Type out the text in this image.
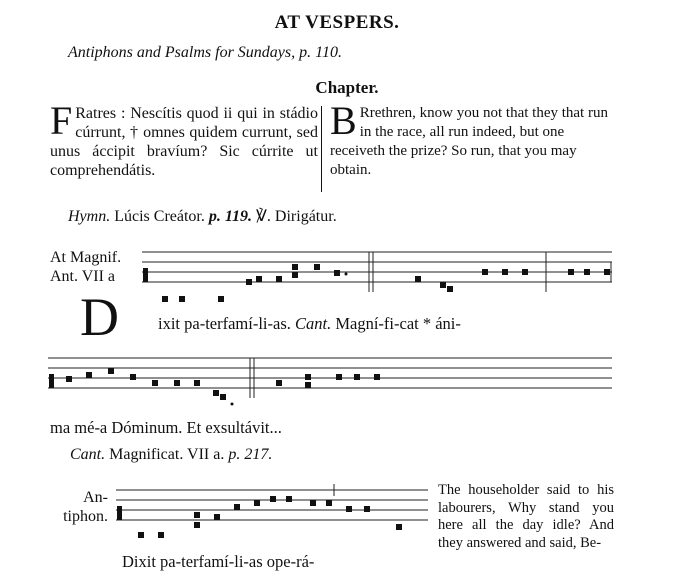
AT VESPERS.
Antiphons and Psalms for Sundays, p. 110.
Chapter.
F Ratres : Nescítis quod ii qui in stádio cúrrunt, † omnes quidem currunt, sed unus áccipit bravíum? Sic cúrrite ut comprehendátis.
B Rrethren, know you not that they that run in the race, all run indeed, but one receiveth the prize? So run, that you may obtain.
Hymn. Lúcis Creátor. p. 119. ℣. Dirigátur.
At Magnif.
Ant. VII a
D ixit pa-terfamí-li-as. Cant. Magní-fi-cat * áni-
ma mé-a Dóminum. Et exsultávit...
Cant. Magnificat. VII a. p. 217.
An-
tiphon.
Dixit pa-terfamí-li-as ope-rá-
The householder said to his labourers, Why stand you here all the day idle? And they answered and said, Be-
